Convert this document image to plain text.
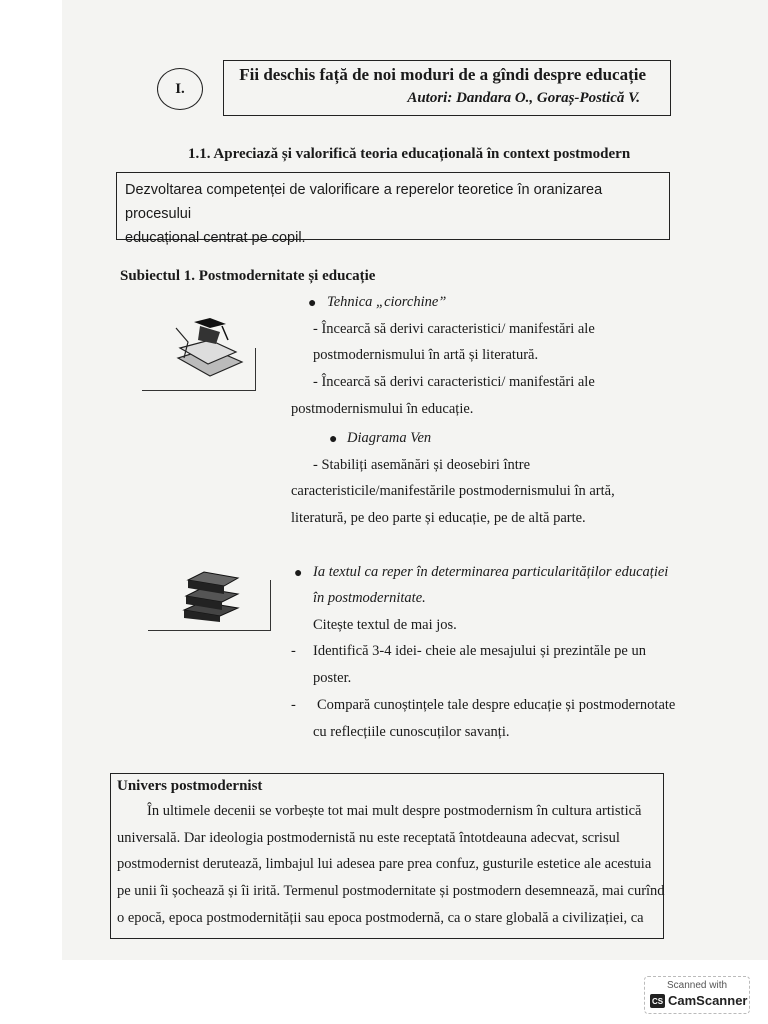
I.
Fii deschis față de noi moduri de a gîndi despre educație
Autori: Dandara O., Goraș-Postică V.
1.1. Apreciază și valorifică teoria educațională în context postmodern
Dezvoltarea competenței de valorificare a reperelor teoretice în oranizarea procesului
educațional centrat pe copil.
Subiectul 1. Postmodernitate și educație
● Tehnica „ciorchine”
- Încearcă să derivi caracteristici/ manifestări ale
postmodernismului în artă și literatură.
- Încearcă să derivi caracteristici/ manifestări ale
postmodernismului în educație.
● Diagrama Ven
- Stabiliți asemănări și deosebiri între
caracteristicile/manifestările postmodernismului în artă,
literatură, pe deo parte și educație, pe de altă parte.
● Ia textul ca reper în determinarea particularităților educației
în postmodernitate.
Citește textul de mai jos.
- Identifică 3-4 idei- cheie ale mesajului și prezintăle pe un
poster.
- Compară cunoștințele tale despre educație și postmodernotate
cu reflecțiile cunoscuților savanți.
Univers postmodernist
În ultimele decenii se vorbește tot mai mult despre postmodernism în cultura artistică
universală. Dar ideologia postmodernistă nu este receptată întotdeauna adecvat, scrisul
postmodernist derutează, limbajul lui adesea pare prea confuz, gusturile estetice ale acestuia
pe unii îi șochează și îi irită. Termenul postmodernitate și postmodern desemnează, mai curînd
o epocă, epoca postmodernității sau epoca postmodernă, ca o stare globală a civilizației, ca
Scanned with
CS CamScanner
